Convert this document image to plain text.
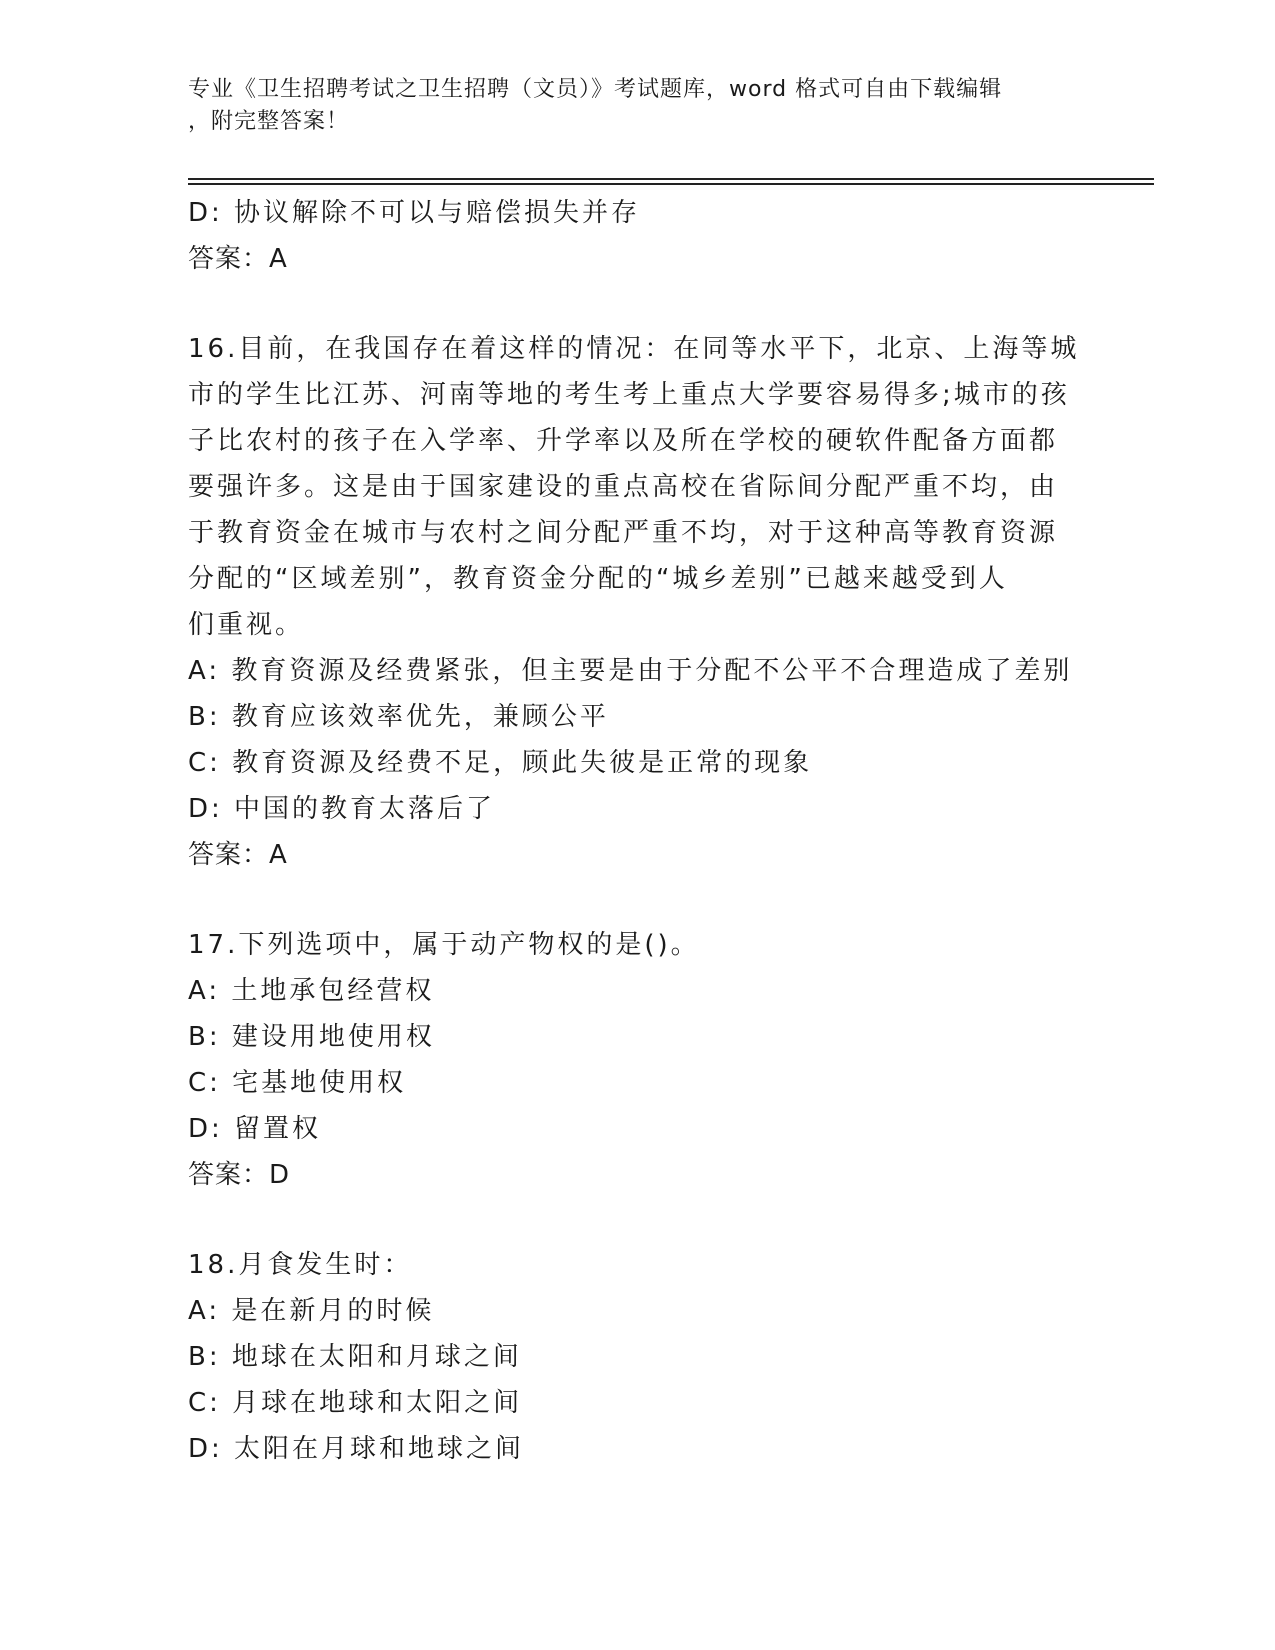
专业《卫生招聘考试之卫生招聘（文员）》考试题库，word 格式可自由下载编辑
，附完整答案！
D: 协议解除不可以与赔偿损失并存
答案：A
16.目前，在我国存在着这样的情况：在同等水平下，北京、上海等城
市的学生比江苏、河南等地的考生考上重点大学要容易得多;城市的孩
子比农村的孩子在入学率、升学率以及所在学校的硬软件配备方面都
要强许多。这是由于国家建设的重点高校在省际间分配严重不均，由
于教育资金在城市与农村之间分配严重不均，对于这种高等教育资源
分配的“区域差别”，教育资金分配的“城乡差别”已越来越受到人
们重视。
A: 教育资源及经费紧张，但主要是由于分配不公平不合理造成了差别
B: 教育应该效率优先，兼顾公平
C: 教育资源及经费不足，顾此失彼是正常的现象
D: 中国的教育太落后了
答案：A
17.下列选项中，属于动产物权的是()。
A: 土地承包经营权
B: 建设用地使用权
C: 宅基地使用权
D: 留置权
答案：D
18.月食发生时：
A: 是在新月的时候
B: 地球在太阳和月球之间
C: 月球在地球和太阳之间
D: 太阳在月球和地球之间
